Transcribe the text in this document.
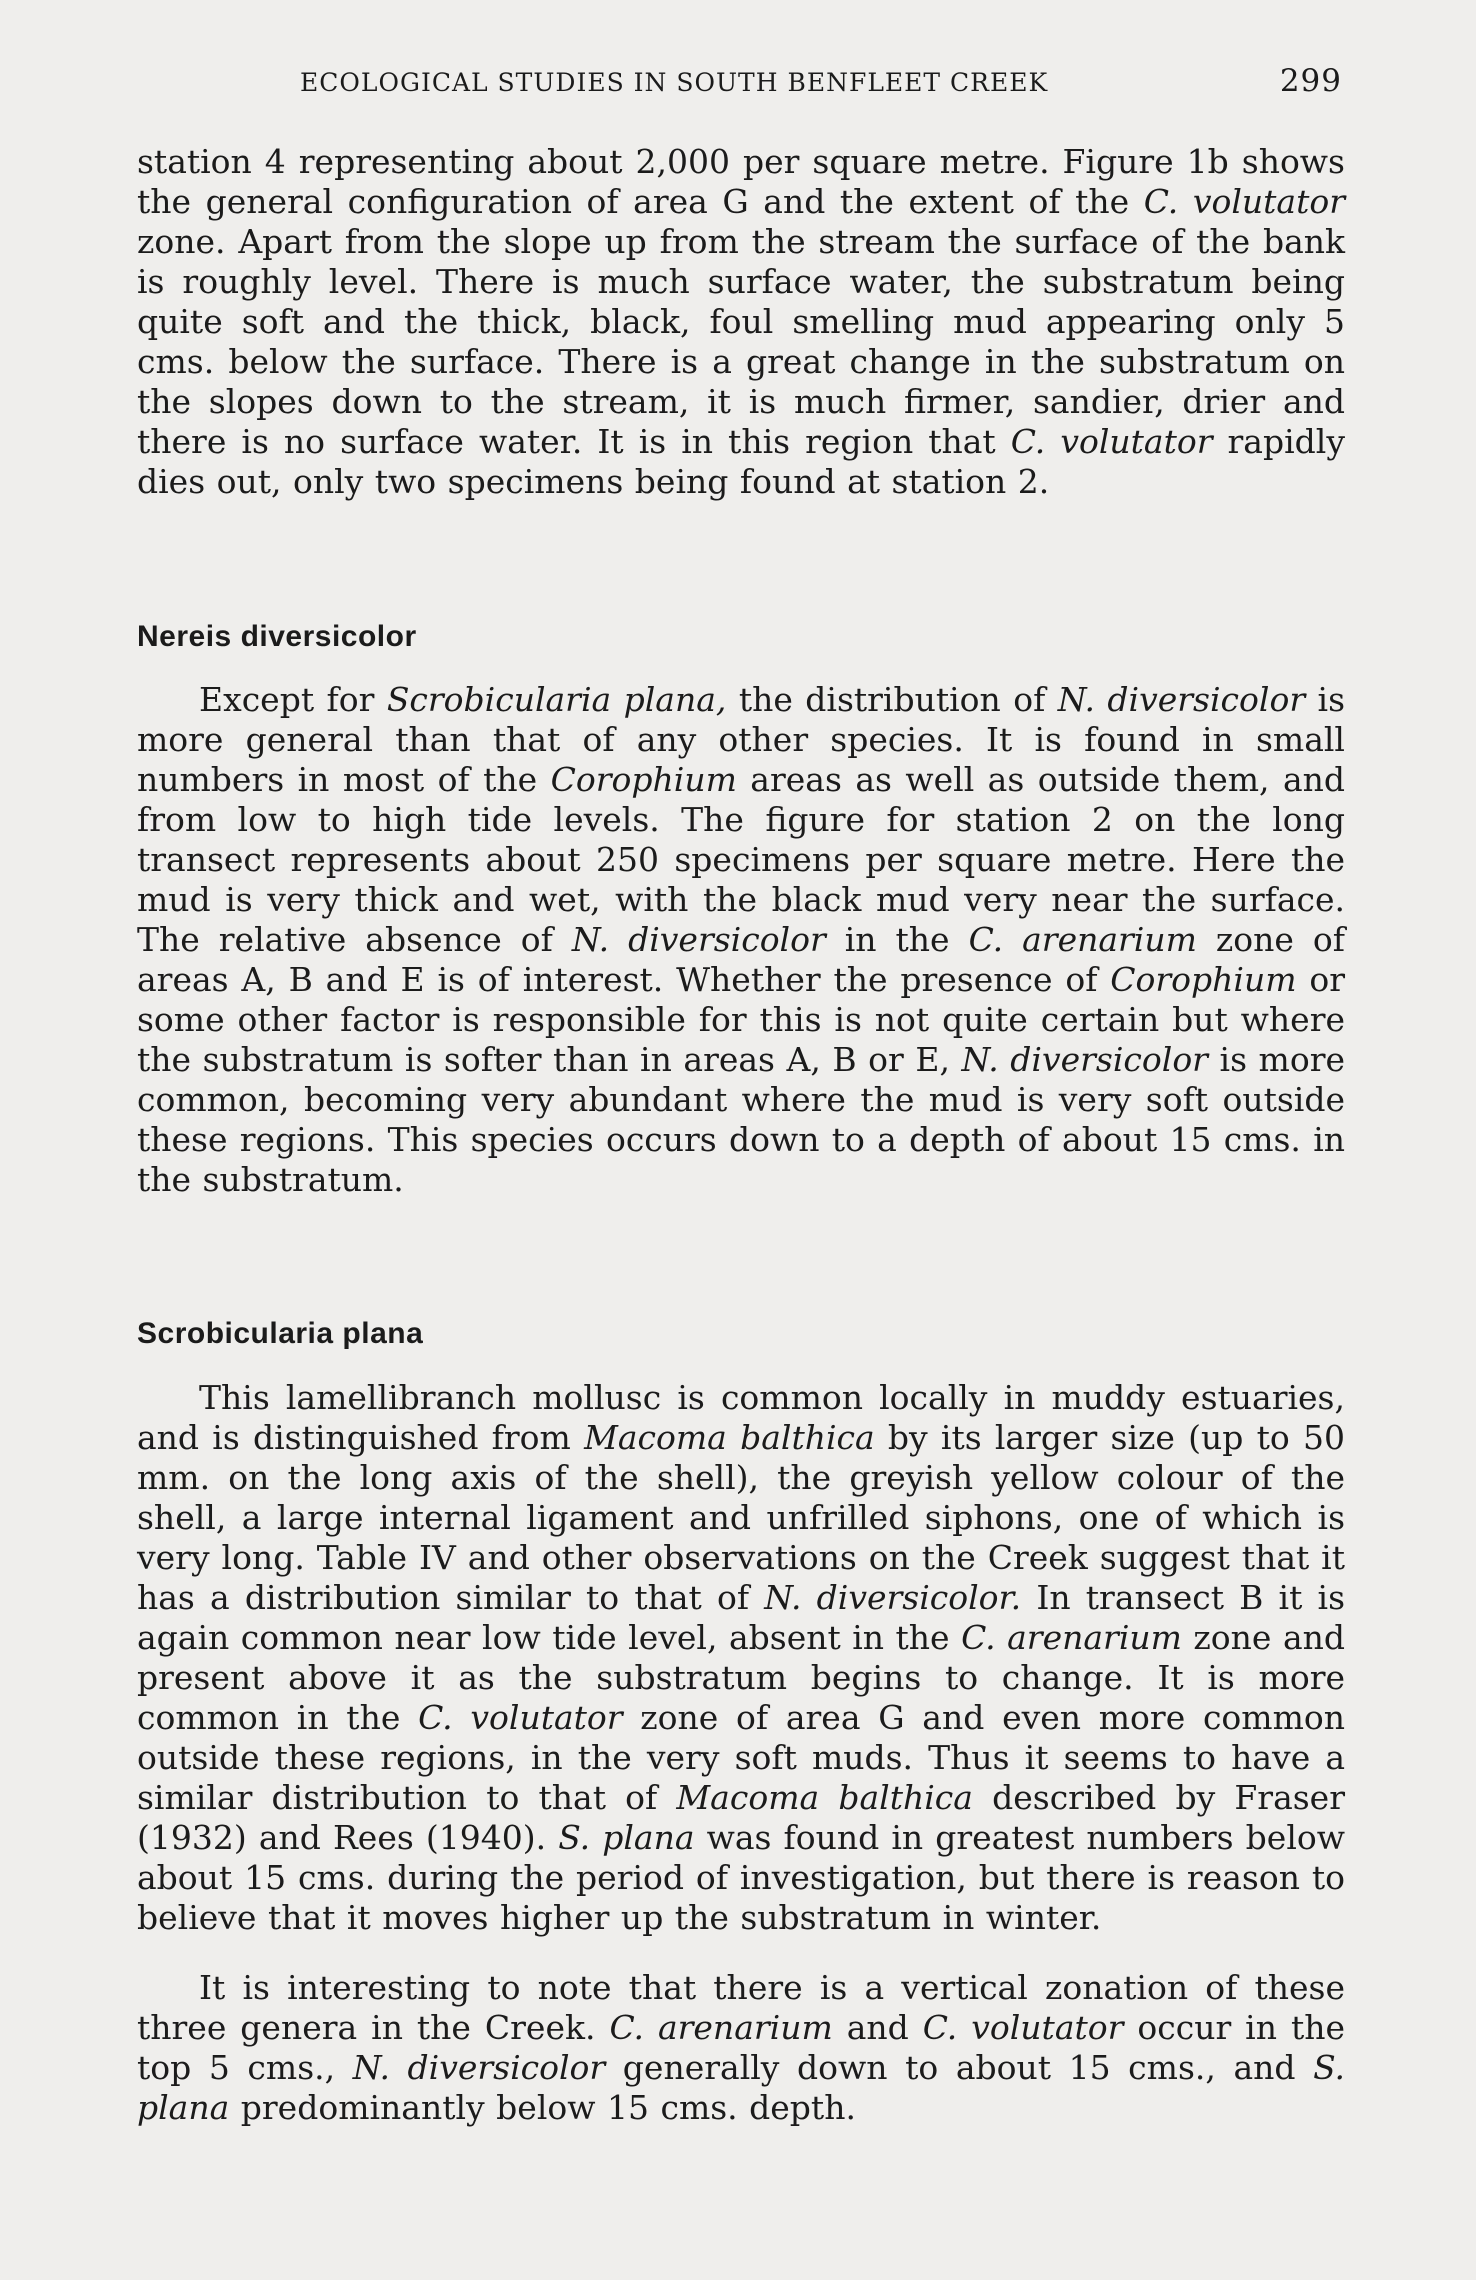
ECOLOGICAL STUDIES IN SOUTH BENFLEET CREEK	299

station 4 representing about 2,000 per square metre. Figure 1b shows the general configuration of area G and the extent of the C. volutator zone. Apart from the slope up from the stream the surface of the bank is roughly level. There is much surface water, the substratum being quite soft and the thick, black, foul smelling mud appearing only 5 cms. below the surface. There is a great change in the substratum on the slopes down to the stream, it is much firmer, sandier, drier and there is no surface water. It is in this region that C. volutator rapidly dies out, only two specimens being found at station 2.

Nereis diversicolor

Except for Scrobicularia plana, the distribution of N. diversicolor is more general than that of any other species. It is found in small numbers in most of the Corophium areas as well as outside them, and from low to high tide levels. The figure for station 2 on the long transect represents about 250 specimens per square metre. Here the mud is very thick and wet, with the black mud very near the surface. The relative absence of N. diversicolor in the C. arenarium zone of areas A, B and E is of interest. Whether the presence of Corophium or some other factor is responsible for this is not quite certain but where the substratum is softer than in areas A, B or E, N. diversicolor is more common, becoming very abundant where the mud is very soft outside these regions. This species occurs down to a depth of about 15 cms. in the substratum.

Scrobicularia plana

This lamellibranch mollusc is common locally in muddy estuaries, and is distinguished from Macoma balthica by its larger size (up to 50 mm. on the long axis of the shell), the greyish yellow colour of the shell, a large internal ligament and unfrilled siphons, one of which is very long. Table IV and other observations on the Creek suggest that it has a distribution similar to that of N. diversicolor. In transect B it is again common near low tide level, absent in the C. arenarium zone and present above it as the substratum begins to change. It is more common in the C. volutator zone of area G and even more common outside these regions, in the very soft muds. Thus it seems to have a similar distribution to that of Macoma balthica described by Fraser (1932) and Rees (1940). S. plana was found in greatest numbers below about 15 cms. during the period of investigation, but there is reason to believe that it moves higher up the substratum in winter.

It is interesting to note that there is a vertical zonation of these three genera in the Creek. C. arenarium and C. volutator occur in the top 5 cms., N. diversicolor generally down to about 15 cms., and S. plana predominantly below 15 cms. depth.
